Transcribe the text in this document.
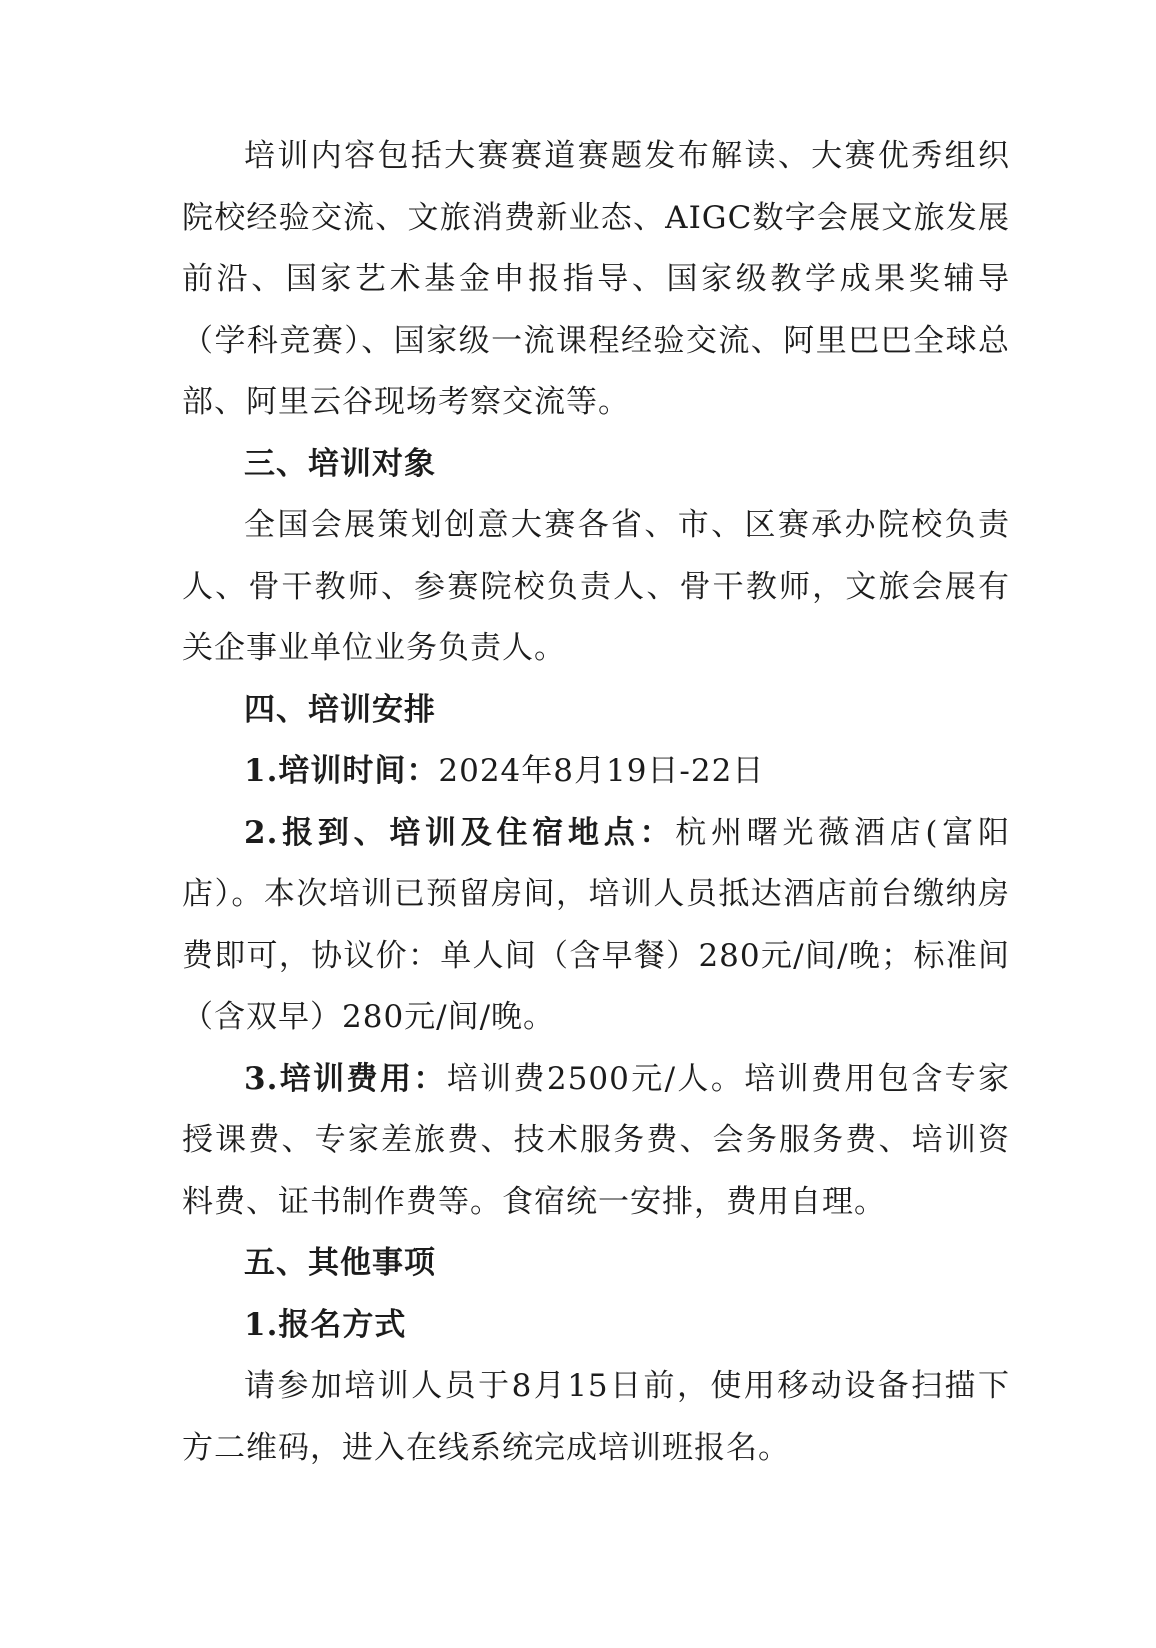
培训内容包括大赛赛道赛题发布解读、大赛优秀组织院校经验交流、文旅消费新业态、AIGC数字会展文旅发展前沿、国家艺术基金申报指导、国家级教学成果奖辅导（学科竞赛）、国家级一流课程经验交流、阿里巴巴全球总部、阿里云谷现场考察交流等。

三、培训对象

全国会展策划创意大赛各省、市、区赛承办院校负责人、骨干教师、参赛院校负责人、骨干教师，文旅会展有关企事业单位业务负责人。

四、培训安排

1.培训时间：2024年8月19日-22日

2.报到、培训及住宿地点：杭州曙光薇酒店(富阳店）。本次培训已预留房间，培训人员抵达酒店前台缴纳房费即可，协议价：单人间（含早餐）280元/间/晚；标准间（含双早）280元/间/晚。

3.培训费用：培训费2500元/人。培训费用包含专家授课费、专家差旅费、技术服务费、会务服务费、培训资料费、证书制作费等。食宿统一安排，费用自理。

五、其他事项

1.报名方式

请参加培训人员于8月15日前，使用移动设备扫描下方二维码，进入在线系统完成培训班报名。
